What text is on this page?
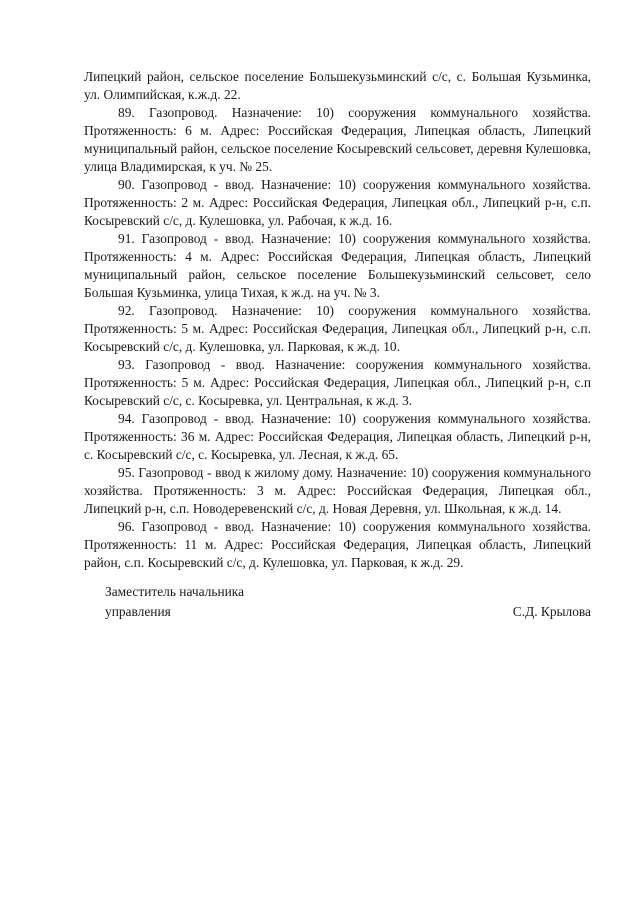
Липецкий район, сельское поселение Большекузьминский с/с, с. Большая Кузьминка, ул. Олимпийская, к.ж.д. 22.

89. Газопровод. Назначение: 10) сооружения коммунального хозяйства. Протяженность: 6 м. Адрес: Российская Федерация, Липецкая область, Липецкий муниципальный район, сельское поселение Косыревский сельсовет, деревня Кулешовка, улица Владимирская, к уч. № 25.

90. Газопровод - ввод. Назначение: 10) сооружения коммунального хозяйства. Протяженность: 2 м. Адрес: Российская Федерация, Липецкая обл., Липецкий р-н, с.п. Косыревский с/с, д. Кулешовка, ул. Рабочая, к ж.д. 16.

91. Газопровод - ввод. Назначение: 10) сооружения коммунального хозяйства. Протяженность: 4 м. Адрес: Российская Федерация, Липецкая область, Липецкий муниципальный район, сельское поселение Большекузьминский сельсовет, село Большая Кузьминка, улица Тихая, к ж.д. на уч. № 3.

92. Газопровод. Назначение: 10) сооружения коммунального хозяйства. Протяженность: 5 м. Адрес: Российская Федерация, Липецкая обл., Липецкий р-н, с.п. Косыревский с/с, д. Кулешовка, ул. Парковая, к ж.д. 10.

93. Газопровод - ввод. Назначение: сооружения коммунального хозяйства. Протяженность: 5 м. Адрес: Российская Федерация, Липецкая обл., Липецкий р-н, с.п Косыревский с/с, с. Косыревка, ул. Центральная, к ж.д. 3.

94. Газопровод - ввод. Назначение: 10) сооружения коммунального хозяйства. Протяженность: 36 м. Адрес: Российская Федерация, Липецкая область, Липецкий р-н, с. Косыревский с/с, с. Косыревка, ул. Лесная, к ж.д. 65.

95. Газопровод - ввод к жилому дому. Назначение: 10) сооружения коммунального хозяйства. Протяженность: 3 м. Адрес: Российская Федерация, Липецкая обл., Липецкий р-н, с.п. Новодеревенский с/с, д. Новая Деревня, ул. Школьная, к ж.д. 14.

96. Газопровод - ввод. Назначение: 10) сооружения коммунального хозяйства. Протяженность: 11 м. Адрес: Российская Федерация, Липецкая область, Липецкий район, с.п. Косыревский с/с, д. Кулешовка, ул. Парковая, к ж.д. 29.

Заместитель начальника
управления	С.Д. Крылова
